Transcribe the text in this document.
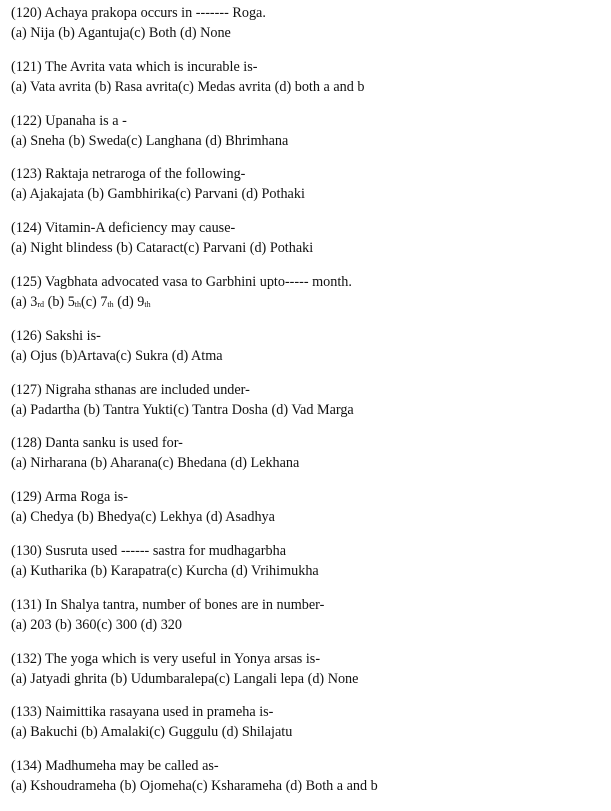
(120) Achaya prakopa occurs in ------- Roga.
(a) Nija (b) Agantuja(c) Both (d) None
(121) The Avrita vata which is incurable is-
(a) Vata avrita (b) Rasa avrita(c) Medas avrita (d) both a and b
(122) Upanaha is a -
(a) Sneha (b) Sweda(c) Langhana (d) Bhrimhana
(123) Raktaja netraroga of the following-
(a) Ajakajata (b) Gambhirika(c) Parvani (d) Pothaki
(124) Vitamin-A deficiency may cause-
(a) Night blindess (b) Cataract(c) Parvani (d) Pothaki
(125) Vagbhata advocated vasa to Garbhini upto----- month.
(a) 3rd (b) 5th(c) 7th (d) 9th
(126) Sakshi is-
(a) Ojus (b)Artava(c) Sukra (d) Atma
(127) Nigraha sthanas are included under-
(a) Padartha (b) Tantra Yukti(c) Tantra Dosha (d) Vad Marga
(128) Danta sanku is used for-
(a) Nirharana (b) Aharana(c) Bhedana (d) Lekhana
(129) Arma Roga is-
(a) Chedya (b) Bhedya(c) Lekhya (d) Asadhya
(130) Susruta used ------ sastra for mudhagarbha
(a) Kutharika (b) Karapatra(c) Kurcha (d) Vrihimukha
(131) In Shalya tantra, number of bones are in number-
(a) 203 (b) 360(c) 300 (d) 320
(132) The yoga which is very useful in Yonya arsas is-
(a) Jatyadi ghrita (b) Udumbaralepa(c) Langali lepa (d) None
(133) Naimittika rasayana used in prameha is-
(a) Bakuchi (b) Amalaki(c) Guggulu (d) Shilajatu
(134) Madhumeha may be called as-
(a) Kshoudrameha (b) Ojomeha(c) Ksharameha (d) Both a and b
